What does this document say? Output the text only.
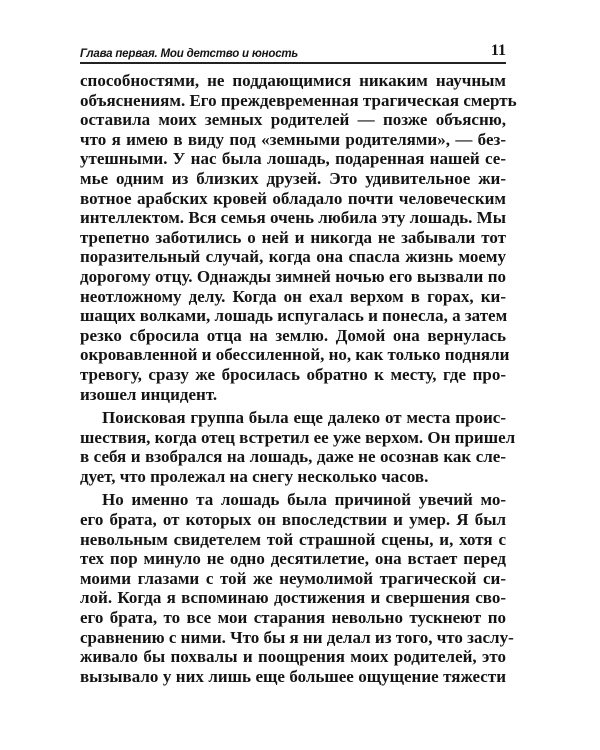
Глава первая. Мои детство и юность	11
способностями, не поддающимися никаким научным
объяснениям. Его преждевременная трагическая смерть
оставила моих земных родителей — позже объясню,
что я имею в виду под «земными родителями», — без-
утешными. У нас была лошадь, подаренная нашей се-
мье одним из близких друзей. Это удивительное жи-
вотное арабских кровей обладало почти человеческим
интеллектом. Вся семья очень любила эту лошадь. Мы
трепетно заботились о ней и никогда не забывали тот
поразительный случай, когда она спасла жизнь моему
дорогому отцу. Однажды зимней ночью его вызвали по
неотложному делу. Когда он ехал верхом в горах, ки-
шащих волками, лошадь испугалась и понесла, а затем
резко сбросила отца на землю. Домой она вернулась
окровавленной и обессиленной, но, как только подняли
тревогу, сразу же бросилась обратно к месту, где про-
изошел инцидент.
Поисковая группа была еще далеко от места проис-
шествия, когда отец встретил ее уже верхом. Он пришел
в себя и взобрался на лошадь, даже не осознав как сле-
дует, что пролежал на снегу несколько часов.
Но именно та лошадь была причиной увечий мо-
его брата, от которых он впоследствии и умер. Я был
невольным свидетелем той страшной сцены, и, хотя с
тех пор минуло не одно десятилетие, она встает перед
моими глазами с той же неумолимой трагической си-
лой. Когда я вспоминаю достижения и свершения сво-
его брата, то все мои старания невольно тускнеют по
сравнению с ними. Что бы я ни делал из того, что заслу-
живало бы похвалы и поощрения моих родителей, это
вызывало у них лишь еще большее ощущение тяжести
